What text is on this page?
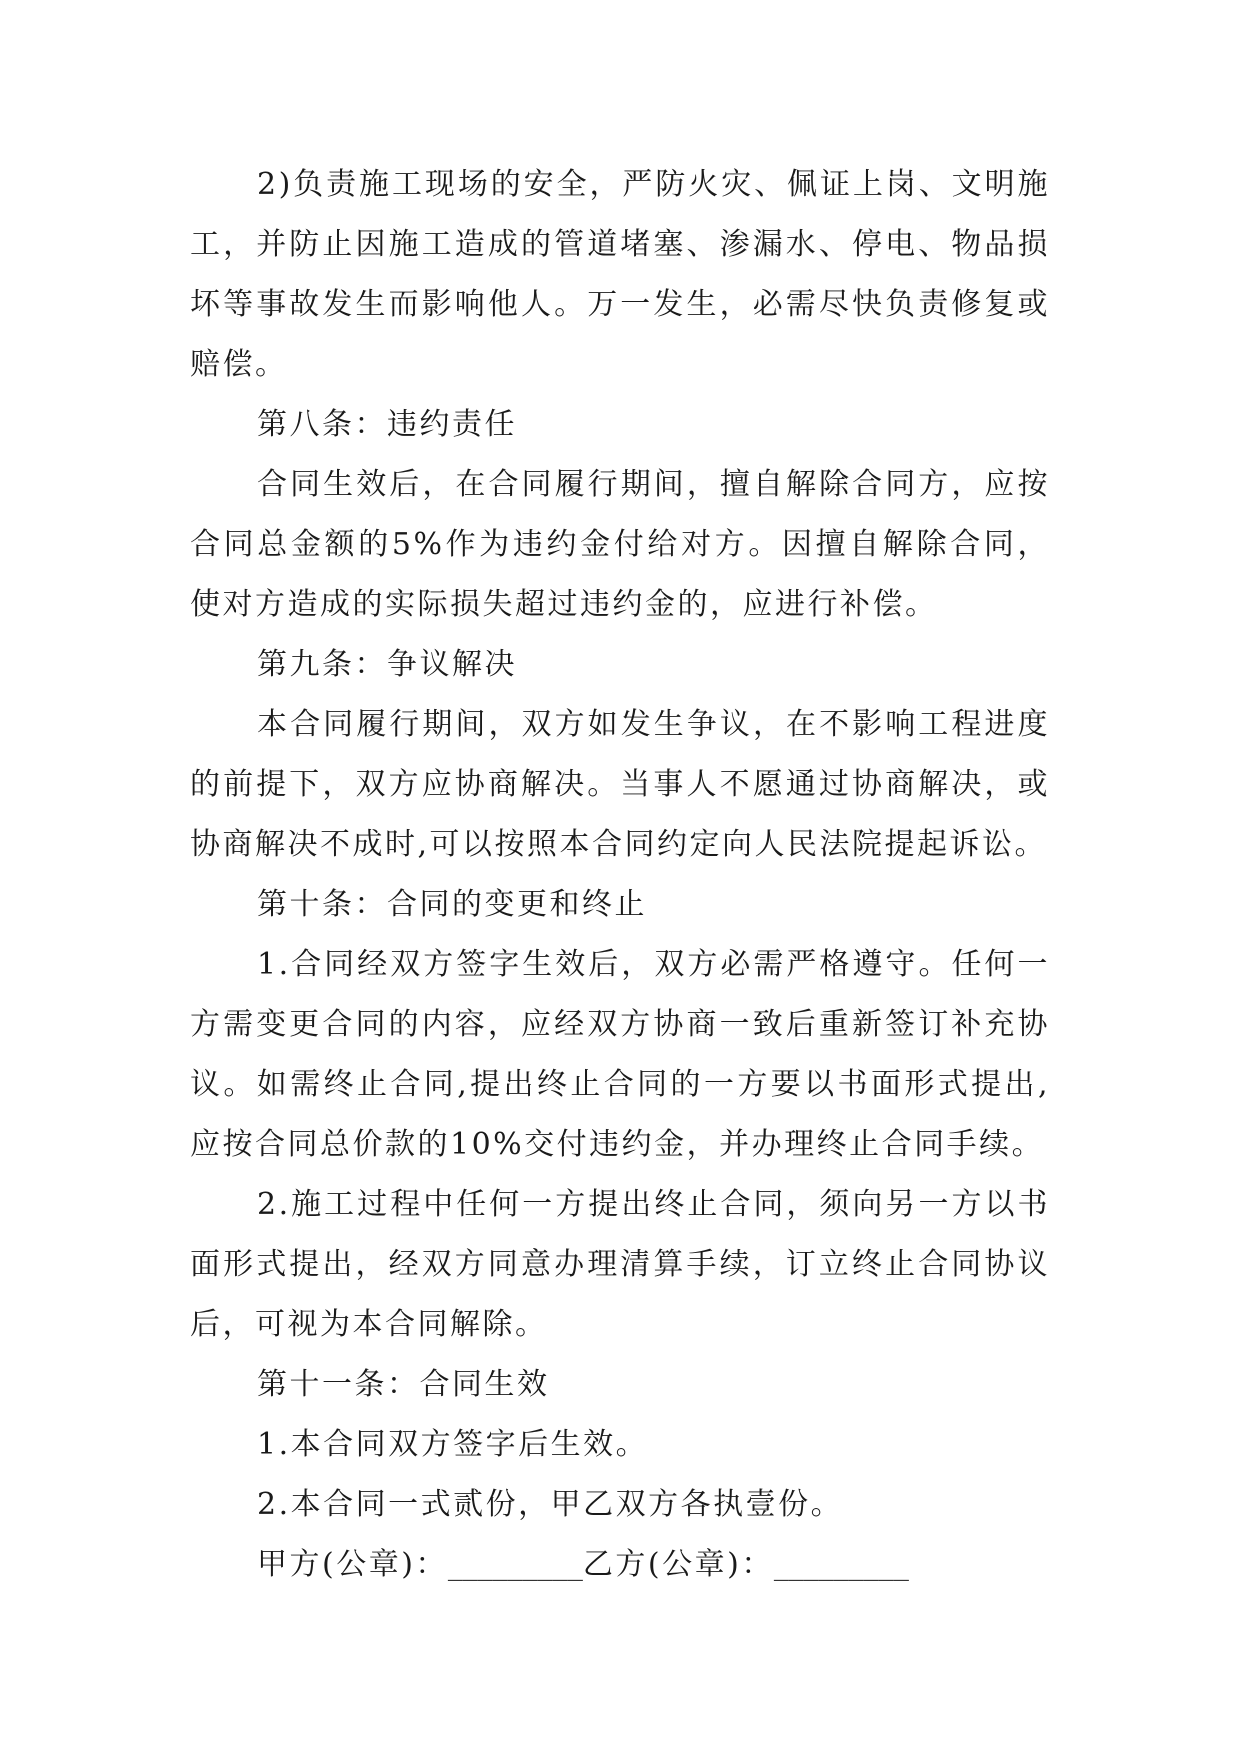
2)负责施工现场的安全，严防火灾、佩证上岗、文明施工，并防止因施工造成的管道堵塞、渗漏水、停电、物品损坏等事故发生而影响他人。万一发生，必需尽快负责修复或赔偿。

第八条：违约责任

合同生效后，在合同履行期间，擅自解除合同方，应按合同总金额的5%作为违约金付给对方。因擅自解除合同，使对方造成的实际损失超过违约金的，应进行补偿。

第九条：争议解决

本合同履行期间，双方如发生争议，在不影响工程进度的前提下，双方应协商解决。当事人不愿通过协商解决，或协商解决不成时,可以按照本合同约定向人民法院提起诉讼。

第十条：合同的变更和终止

1.合同经双方签字生效后，双方必需严格遵守。任何一方需变更合同的内容，应经双方协商一致后重新签订补充协议。如需终止合同,提出终止合同的一方要以书面形式提出,应按合同总价款的10%交付违约金，并办理终止合同手续。

2.施工过程中任何一方提出终止合同，须向另一方以书面形式提出，经双方同意办理清算手续，订立终止合同协议后，可视为本合同解除。

第十一条：合同生效

1.本合同双方签字后生效。

2.本合同一式贰份，甲乙双方各执壹份。

甲方(公章)：_________乙方(公章)：_________
